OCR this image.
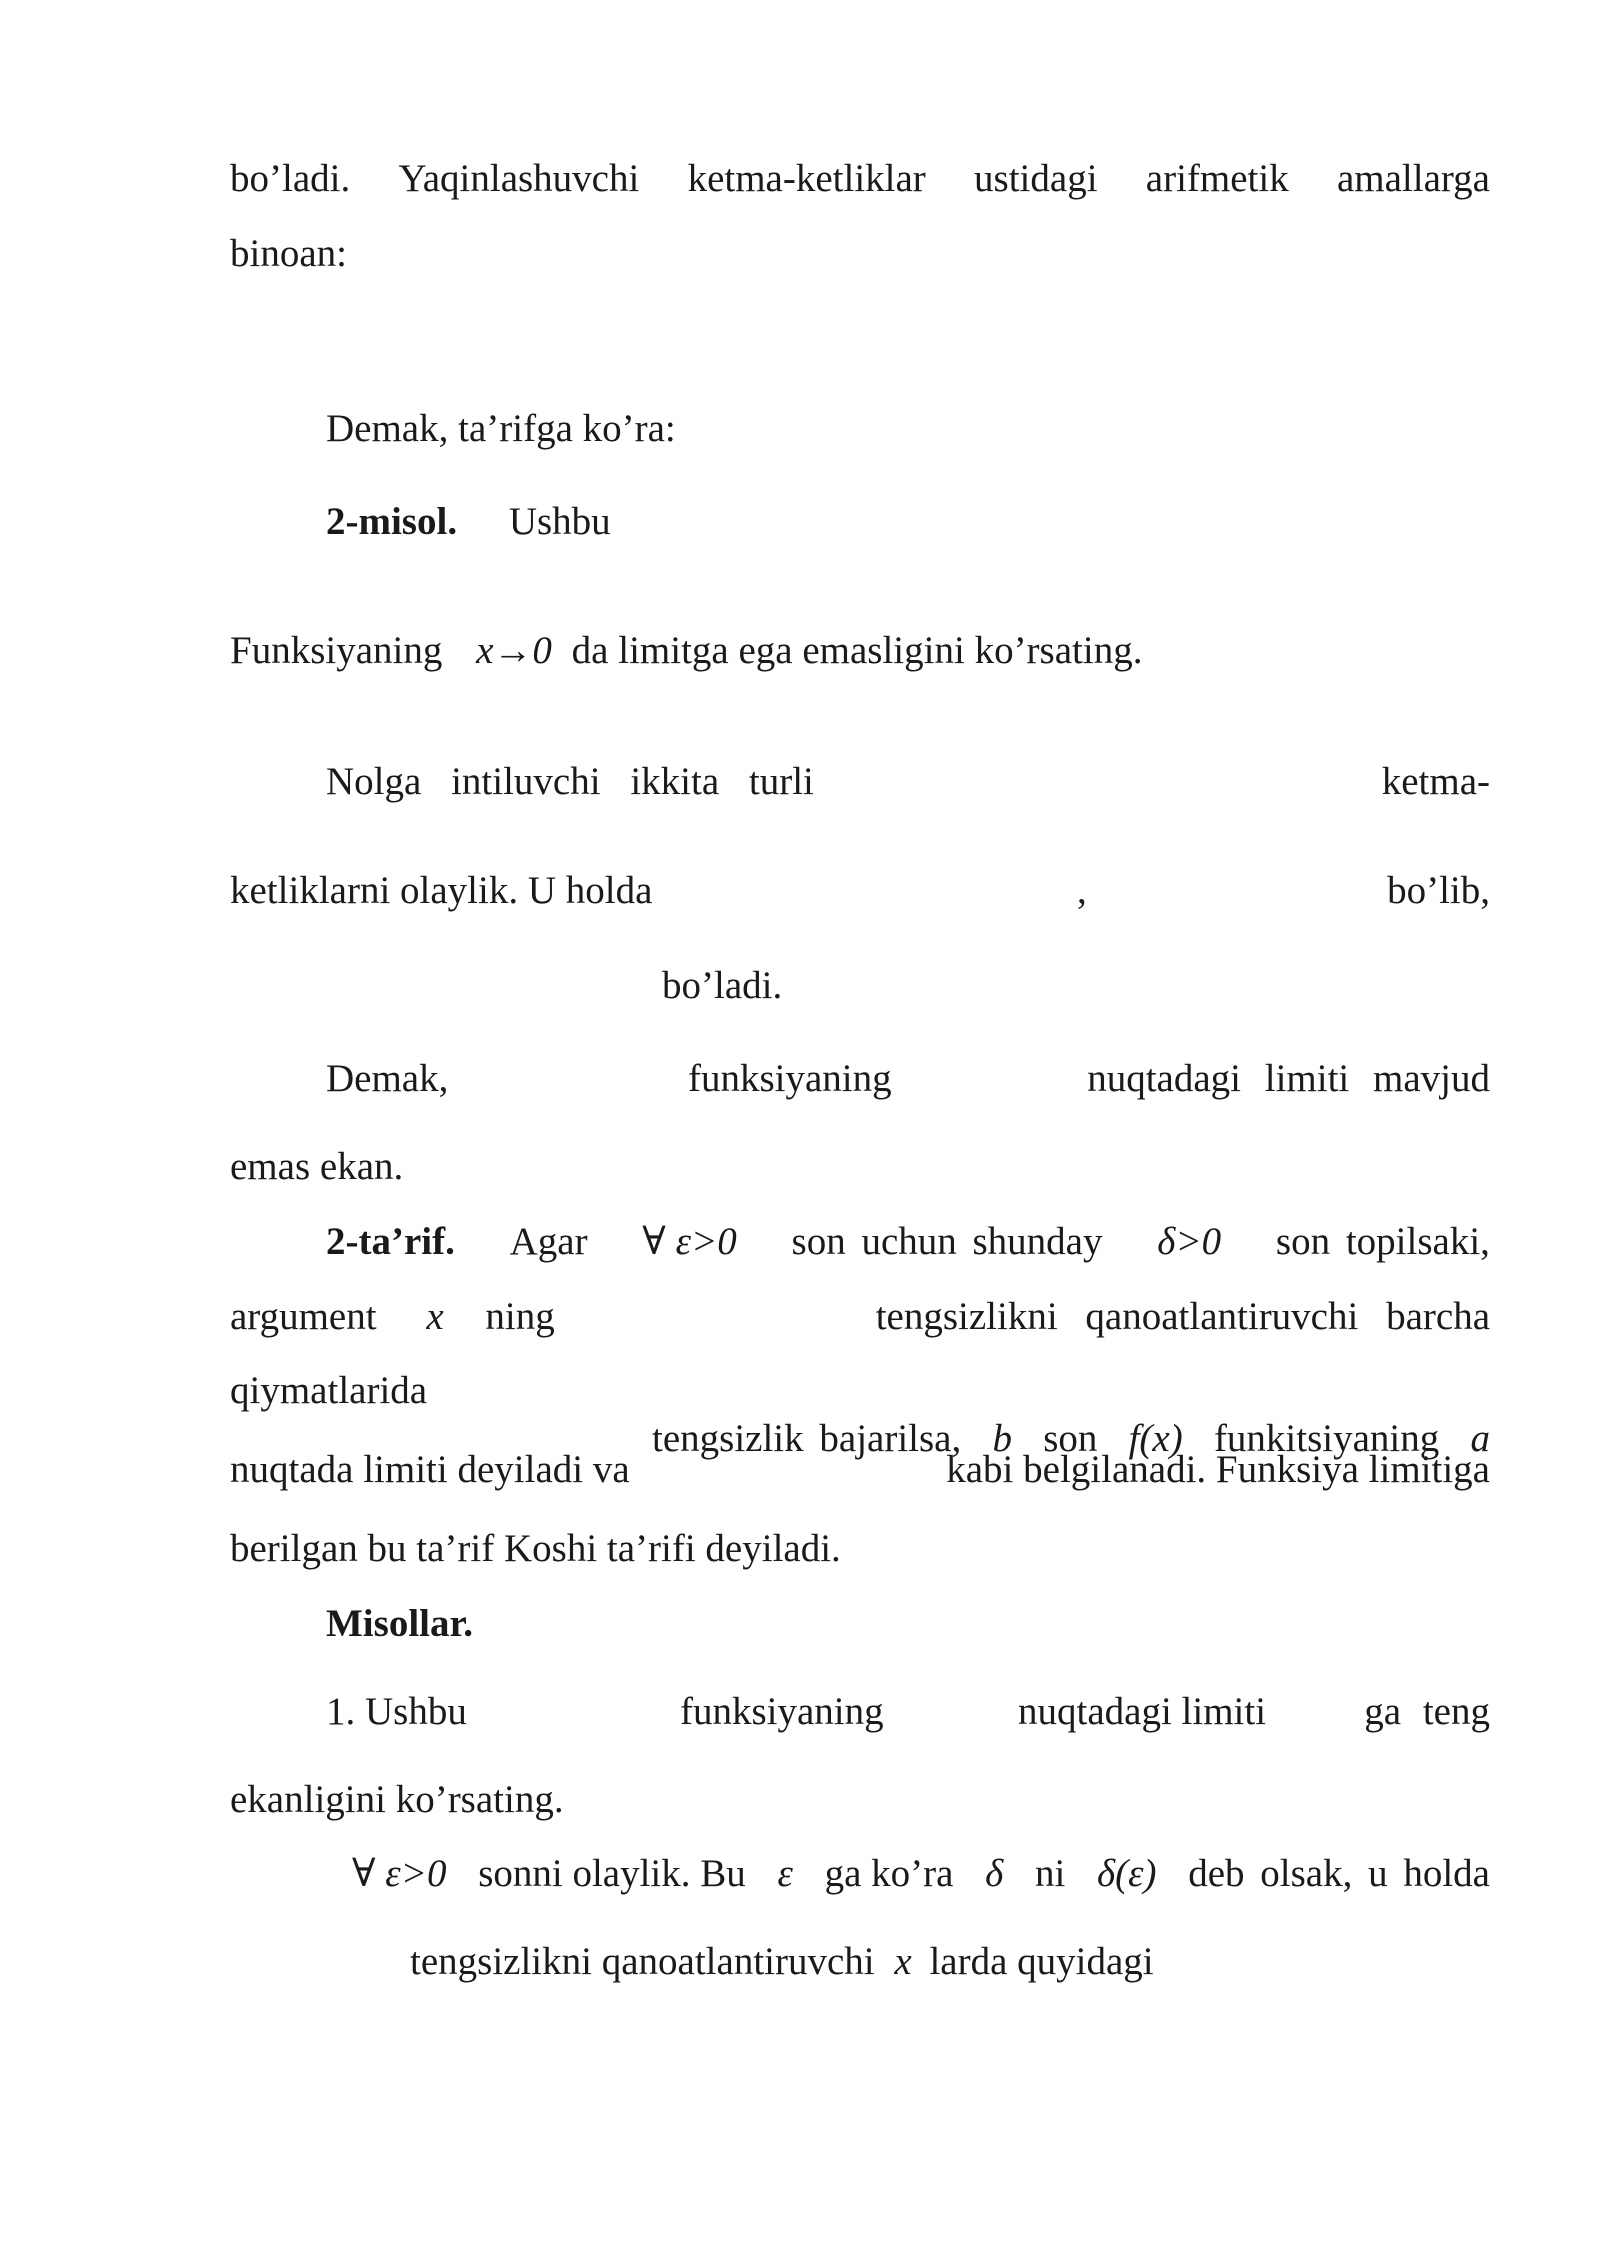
bo’ladi. Yaqinlashuvchi ketma-ketliklar ustidagi arifmetik amallarga
binoan:
Demak, ta’rifga ko’ra:
2-misol. Ushbu
Funksiyaning x→0 da limitga ega emasligini ko’rsating.
Nolga intiluvchi ikkita turli	ketma-
ketliklarni olaylik. U holda	,	bo’lib,
bo’ladi.
Demak,	funksiyaning	nuqtadagi limiti mavjud
emas ekan.
2-ta’rif. Agar ∀ ε>0 son uchun shunday δ>0 son topilsaki,
argument x ning	tengsizlikni qanoatlantiruvchi barcha
qiymatlarida
tengsizlik bajarilsa, b son f(x) funkitsiyaning a
nuqtada limiti deyiladi va	kabi belgilanadi. Funksiya limitiga
berilgan bu ta’rif Koshi ta’rifi deyiladi.
Misollar.
1. Ushbu	funksiyaning	nuqtadagi limiti	ga teng
ekanligini ko’rsating.
∀ ε>0 sonni olaylik. Bu ε ga ko’ra δ ni δ(ε) deb olsak, u holda
tengsizlikni qanoatlantiruvchi x larda quyidagi
